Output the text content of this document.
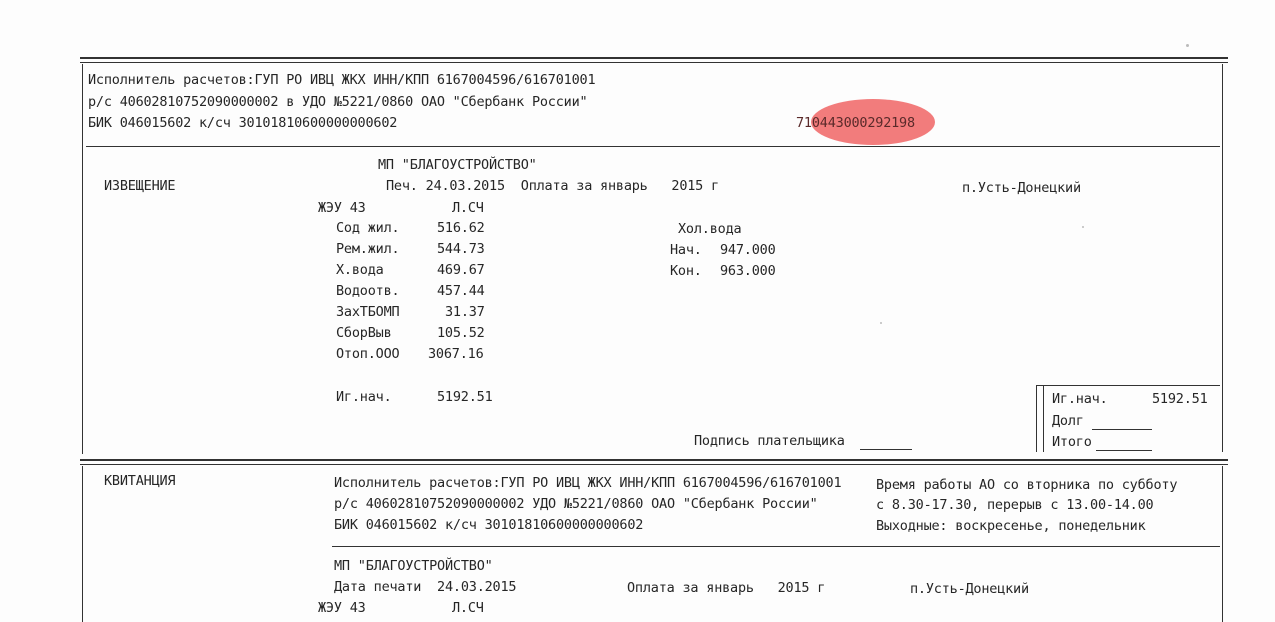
Исполнитель расчетов:ГУП РО ИВЦ ЖКХ ИНН/КПП 6167004596/616701001
р/с 40602810752090000002 в УДО №5221/0860 ОАО "Сбербанк России"
БИК 046015602 к/сч 30101810600000000602	710443000292198
МП "БЛАГОУСТРОЙСТВО"
ИЗВЕЩЕНИЕ	Печ. 24.03.2015  Оплата за январь   2015 г	п.Усть-Донецкий
ЖЭУ 43	Л.СЧ
Сод жил.	516.62
Рем.жил.	544.73
Х.вода	469.67
Водоотв.	457.44
ЗахТБОМП	31.37
СборВыв	105.52
Отоп.ООО 3067.16
Хол.вода
Нач. 947.000
Кон. 963.000
Иг.нач.	5192.51	Иг.нач.	5192.51
Долг
Итого
Подпись плательщика
КВИТАНЦИЯ	Исполнитель расчетов:ГУП РО ИВЦ ЖКХ ИНН/КПП 6167004596/616701001
р/с 40602810752090000002 УДО №5221/0860 ОАО "Сбербанк России"
БИК 046015602 к/сч 30101810600000000602
Время работы АО со вторника по субботу
с 8.30-17.30, перерыв с 13.00-14.00
Выходные: воскресенье, понедельник
МП "БЛАГОУСТРОЙСТВО"
Дата печати  24.03.2015	Оплата за январь   2015 г	п.Усть-Донецкий
ЖЭУ 43	Л.СЧ
